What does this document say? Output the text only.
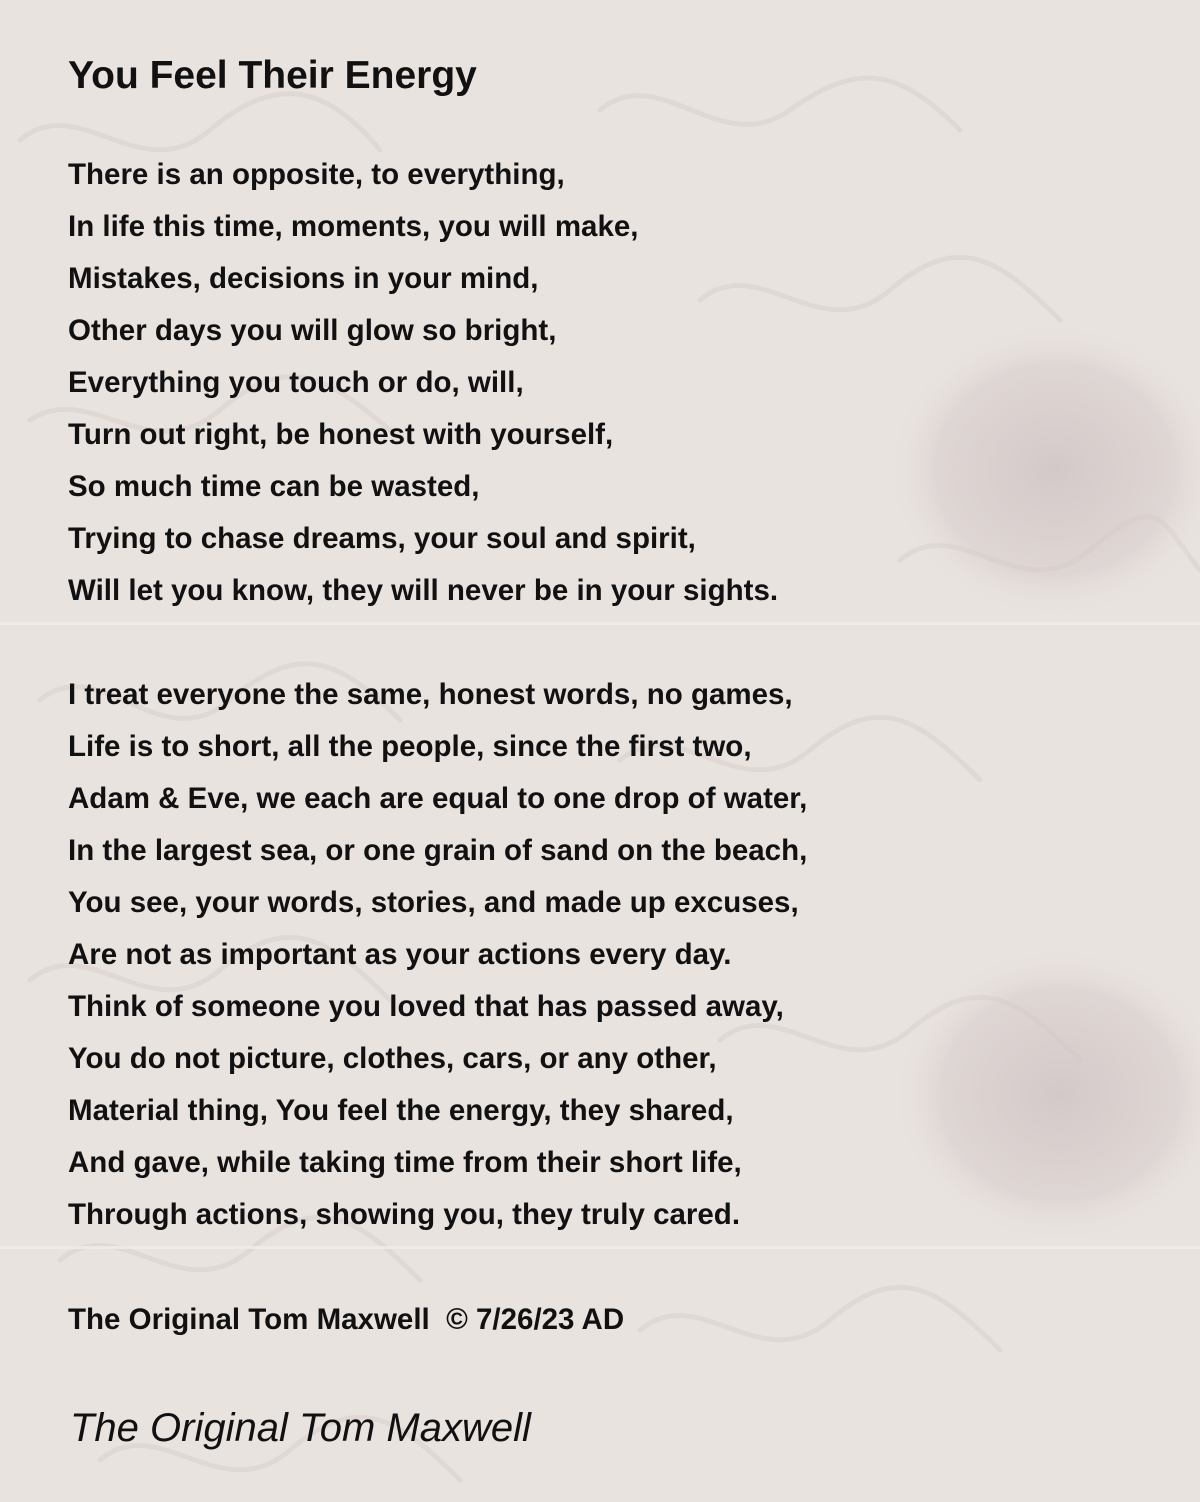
You Feel Their Energy
There is an opposite, to everything,
In life this time, moments, you will make,
Mistakes, decisions in your mind,
Other days you will glow so bright,
Everything you touch or do, will,
Turn out right, be honest with yourself,
So much time can be wasted,
Trying to chase dreams, your soul and spirit,
Will let you know, they will never be in your sights.
I treat everyone the same, honest words, no games,
Life is to short, all the people, since the first two,
Adam & Eve, we each are equal to one drop of water,
In the largest sea, or one grain of sand on the beach,
You see, your words, stories, and made up excuses,
Are not as important as your actions every day.
Think of someone you loved that has passed away,
You do not picture, clothes, cars, or any other,
Material thing, You feel the energy, they shared,
And gave, while taking time from their short life,
Through actions, showing you, they truly cared.
The Original Tom Maxwell  © 7/26/23 AD
The Original Tom Maxwell
